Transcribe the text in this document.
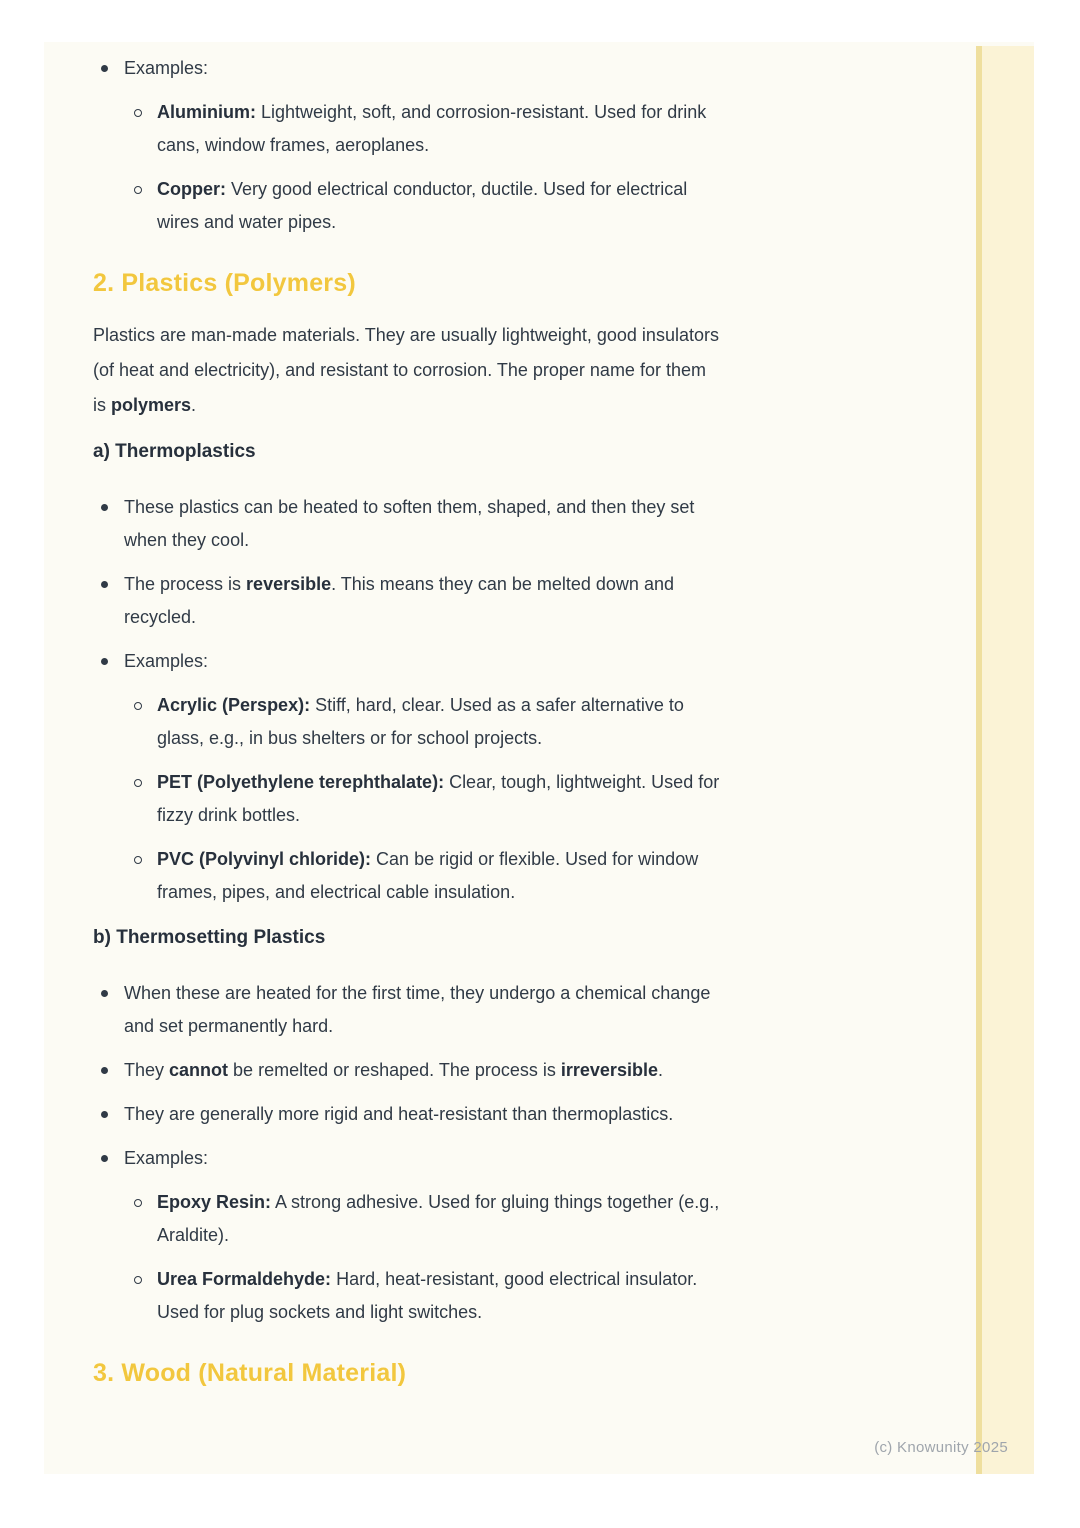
Examples:
Aluminium: Lightweight, soft, and corrosion-resistant. Used for drink
cans, window frames, aeroplanes.
Copper: Very good electrical conductor, ductile. Used for electrical
wires and water pipes.
2. Plastics (Polymers)
Plastics are man-made materials. They are usually lightweight, good insulators
(of heat and electricity), and resistant to corrosion. The proper name for them
is polymers.
a) Thermoplastics
These plastics can be heated to soften them, shaped, and then they set
when they cool.
The process is reversible. This means they can be melted down and
recycled.
Examples:
Acrylic (Perspex): Stiff, hard, clear. Used as a safer alternative to
glass, e.g., in bus shelters or for school projects.
PET (Polyethylene terephthalate): Clear, tough, lightweight. Used for
fizzy drink bottles.
PVC (Polyvinyl chloride): Can be rigid or flexible. Used for window
frames, pipes, and electrical cable insulation.
b) Thermosetting Plastics
When these are heated for the first time, they undergo a chemical change
and set permanently hard.
They cannot be remelted or reshaped. The process is irreversible.
They are generally more rigid and heat-resistant than thermoplastics.
Examples:
Epoxy Resin: A strong adhesive. Used for gluing things together (e.g.,
Araldite).
Urea Formaldehyde: Hard, heat-resistant, good electrical insulator.
Used for plug sockets and light switches.
3. Wood (Natural Material)
(c) Knowunity 2025
